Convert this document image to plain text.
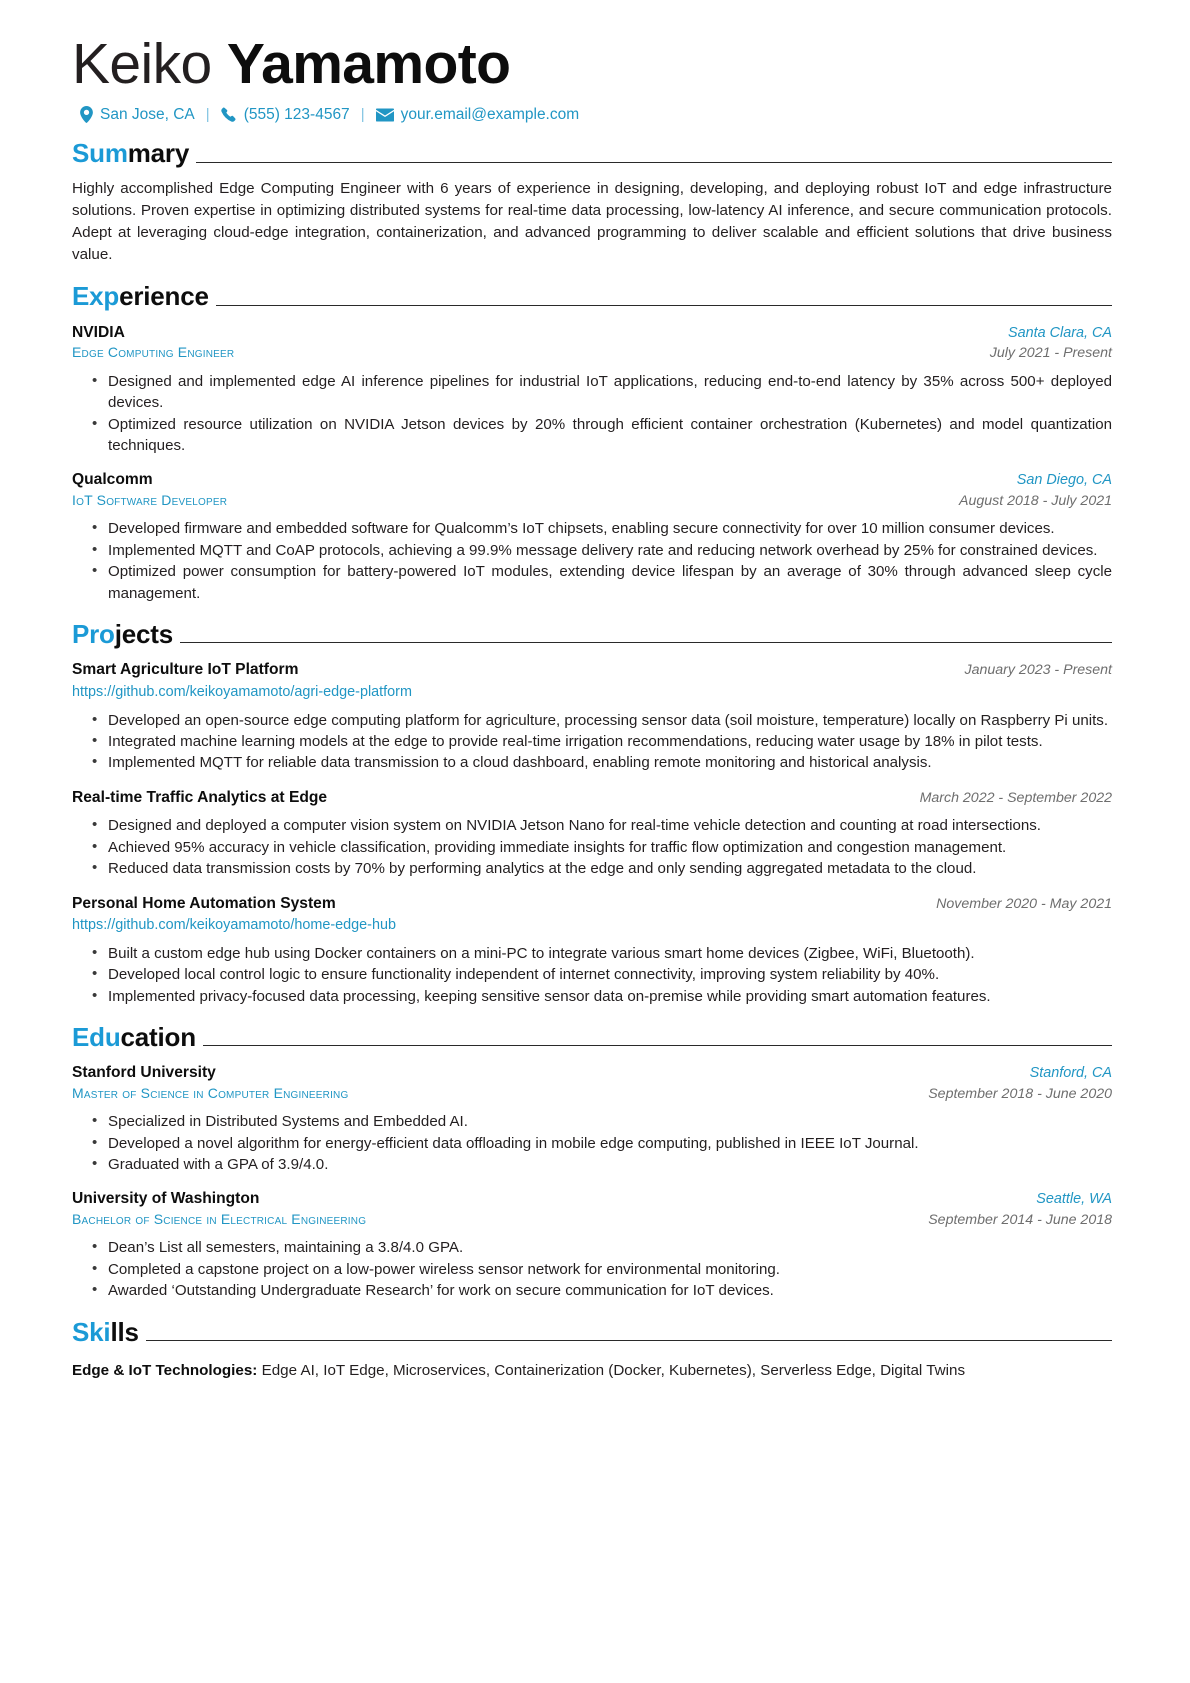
Keiko Yamamoto
San Jose, CA |	(555) 123-4567 |	your.email@example.com
Summary

Highly accomplished Edge Computing Engineer with 6 years of experience in designing, developing, and deploying robust IoT and edge infrastructure solutions. Proven expertise in optimizing distributed systems for real-time data processing, low-latency AI inference, and secure communication protocols. Adept at leveraging cloud-edge integration, containerization, and advanced programming to deliver scalable and efficient solutions that drive business value.

Experience
NVIDIA	Santa Clara, CA
Edge Computing Engineer	July 2021 - Present
• Designed and implemented edge AI inference pipelines for industrial IoT applications, reducing end-to-end latency by 35% across 500+ deployed devices.
• Optimized resource utilization on NVIDIA Jetson devices by 20% through efficient container orchestration (Kubernetes) and model quantization techniques.
Qualcomm	San Diego, CA
IoT Software Developer	August 2018 - July 2021
• Developed firmware and embedded software for Qualcomm’s IoT chipsets, enabling secure connectivity for over 10 million consumer devices.
• Implemented MQTT and CoAP protocols, achieving a 99.9% message delivery rate and reducing network overhead by 25% for constrained devices.
• Optimized power consumption for battery-powered IoT modules, extending device lifespan by an average of 30% through advanced sleep cycle management.
Projects
Smart Agriculture IoT Platform	January 2023 - Present
https://github.com/keikoyamamoto/agri-edge-platform
• Developed an open-source edge computing platform for agriculture, processing sensor data (soil moisture, temperature) locally on Raspberry Pi units.
• Integrated machine learning models at the edge to provide real-time irrigation recommendations, reducing water usage by 18% in pilot tests.
• Implemented MQTT for reliable data transmission to a cloud dashboard, enabling remote monitoring and historical analysis.
Real-time Traffic Analytics at Edge	March 2022 - September 2022
• Designed and deployed a computer vision system on NVIDIA Jetson Nano for real-time vehicle detection and counting at road intersections.
• Achieved 95% accuracy in vehicle classification, providing immediate insights for traffic flow optimization and congestion management.
• Reduced data transmission costs by 70% by performing analytics at the edge and only sending aggregated metadata to the cloud.
Personal Home Automation System	November 2020 - May 2021
https://github.com/keikoyamamoto/home-edge-hub
• Built a custom edge hub using Docker containers on a mini-PC to integrate various smart home devices (Zigbee, WiFi, Bluetooth).
• Developed local control logic to ensure functionality independent of internet connectivity, improving system reliability by 40%.
• Implemented privacy-focused data processing, keeping sensitive sensor data on-premise while providing smart automation features.
Education
Stanford University	Stanford, CA
Master of Science in Computer Engineering	September 2018 - June 2020
• Specialized in Distributed Systems and Embedded AI.
• Developed a novel algorithm for energy-efficient data offloading in mobile edge computing, published in IEEE IoT Journal.
• Graduated with a GPA of 3.9/4.0.
University of Washington	Seattle, WA
Bachelor of Science in Electrical Engineering	September 2014 - June 2018
• Dean’s List all semesters, maintaining a 3.8/4.0 GPA.
• Completed a capstone project on a low-power wireless sensor network for environmental monitoring.
• Awarded ‘Outstanding Undergraduate Research’ for work on secure communication for IoT devices.
Skills
Edge & IoT Technologies: Edge AI, IoT Edge, Microservices, Containerization (Docker, Kubernetes), Serverless Edge, Digital Twins
